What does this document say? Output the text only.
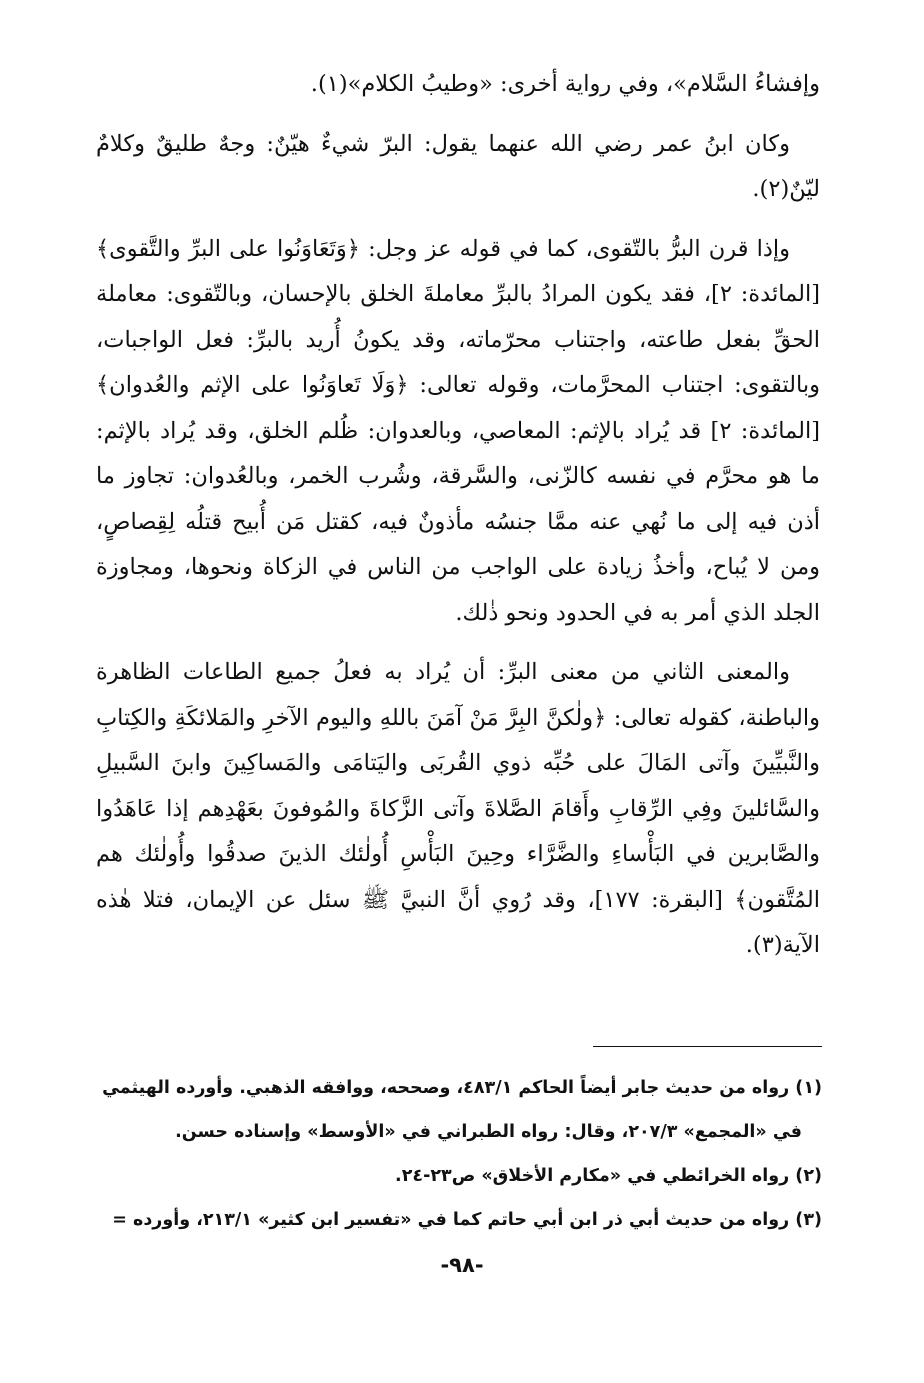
وإفشاءُ السَّلام»، وفي رواية أخرى: «وطيبُ الكلام»(١).

وكان ابنُ عمر رضي الله عنهما يقول: البرّ شيءٌ هيّنٌ: وجهٌ طليقٌ وكلامٌ ليّنٌ(٢).

وإذا قرن البرُّ بالتّقوى، كما في قوله عز وجل: ﴿وَتَعَاوَنُوا على البرِّ والتَّقوى﴾ [المائدة: ٢]، فقد يكون المرادُ بالبرِّ معاملةَ الخلق بالإحسان، وبالتّقوى: معاملة الحقِّ بفعل طاعته، واجتناب محرّماته، وقد يكونُ أُريد بالبرِّ: فعل الواجبات، وبالتقوى: اجتناب المحرَّمات، وقوله تعالى: ﴿وَلَا تَعاوَنُوا على الإثم والعُدوان﴾ [المائدة: ٢] قد يُراد بالإثم: المعاصي، وبالعدوان: ظُلم الخلق، وقد يُراد بالإثم: ما هو محرَّم في نفسه كالزّنى، والسَّرقة، وشُرب الخمر، وبالعُدوان: تجاوز ما أذن فيه إلى ما نُهي عنه ممَّا جنسُه مأذونٌ فيه، كقتل مَن أُبيح قتلُه لِقِصاصٍ، ومن لا يُباح، وأخذُ زيادة على الواجب من الناس في الزكاة ونحوها، ومجاوزة الجلد الذي أمر به في الحدود ونحو ذٰلك.

والمعنى الثاني من معنى البرِّ: أن يُراد به فعلُ جميع الطاعات الظاهرة والباطنة، كقوله تعالى: ﴿ولٰكنَّ البِرَّ مَنْ آمَنَ باللهِ واليوم الآخرِ والمَلائكَةِ والكِتابِ والنَّبيِّينَ وآتى المَالَ على حُبِّه ذوي القُربَى واليَتامَى والمَساكِينَ وابنَ السَّبيلِ والسَّائلينَ وفِي الرِّقابِ وأَقامَ الصَّلاةَ وآتى الزَّكاةَ والمُوفونَ بعَهْدِهم إذا عَاهَدُوا والصَّابرين في البَأْساءِ والضَّرَّاء وحِينَ البَأْسِ أُولٰئك الذينَ صدقُوا وأُولٰئك هم المُتَّقون﴾ [البقرة: ١٧٧]، وقد رُوي أنَّ النبيَّ ﷺ سئل عن الإيمان، فتلا هٰذه الآية(٣).

(١) رواه من حديث جابر أيضاً الحاكم ٤٨٣/١، وصححه، ووافقه الذهبي. وأورده الهيثمي

في «المجمع» ٢٠٧/٣، وقال: رواه الطبراني في «الأوسط» وإسناده حسن.

(٢) رواه الخرائطي في «مكارم الأخلاق» ص٢٣-٢٤.

(٣) رواه من حديث أبي ذر ابن أبي حاتم كما في «تفسير ابن كثير» ٢١٣/١، وأورده =

-٩٨-
